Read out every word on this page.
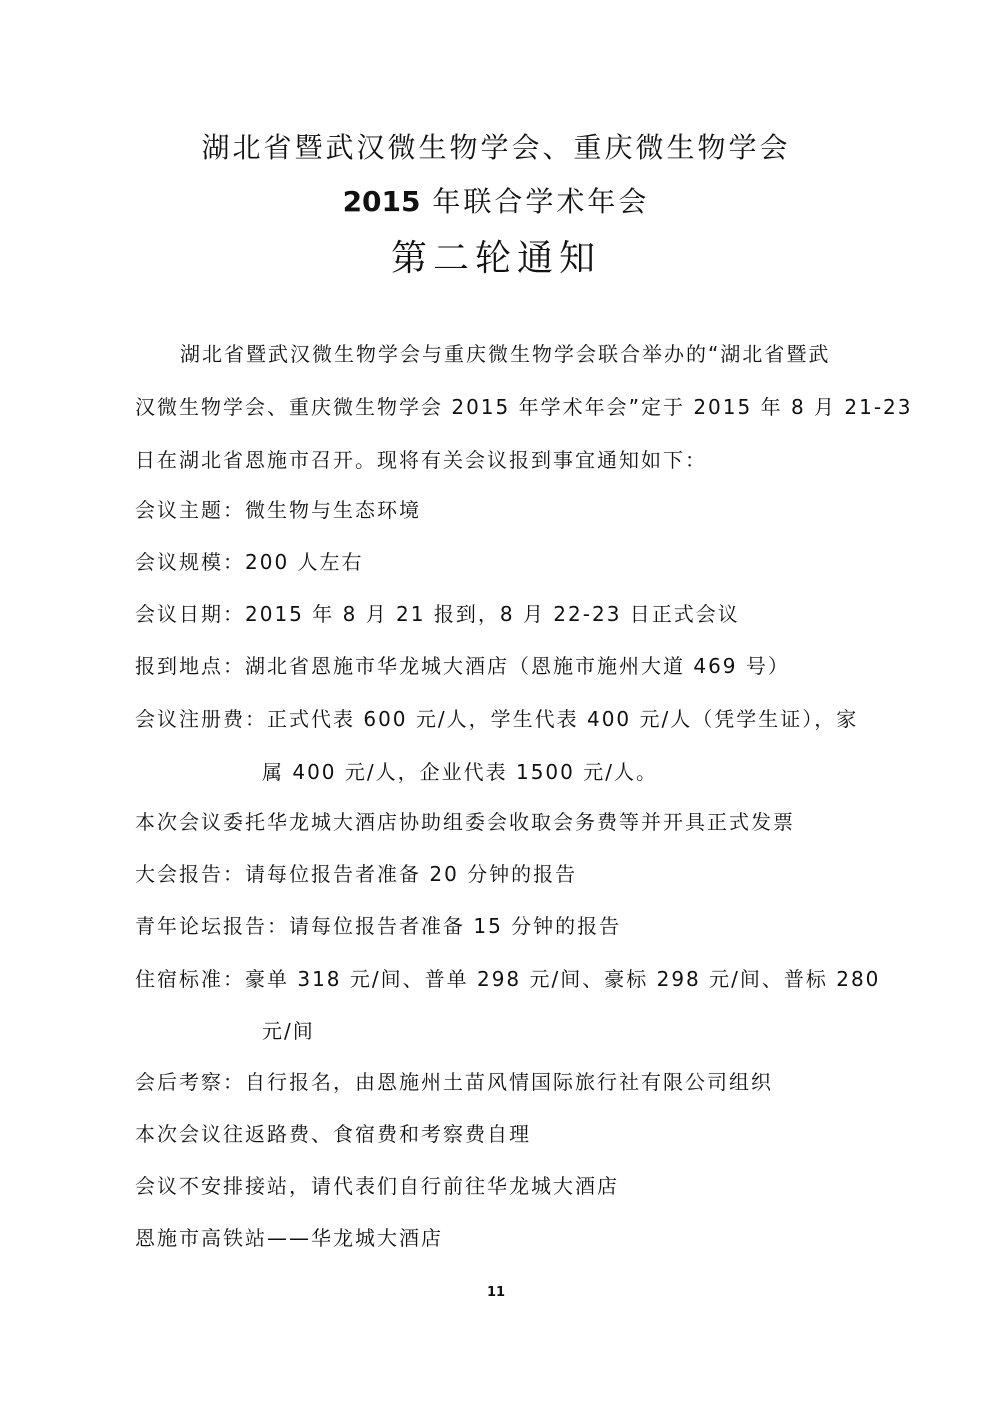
湖北省暨武汉微生物学会、重庆微生物学会
2015 年联合学术年会
第二轮通知
湖北省暨武汉微生物学会与重庆微生物学会联合举办的“湖北省暨武
汉微生物学会、重庆微生物学会 2015 年学术年会”定于 2015 年 8 月 21-23
日在湖北省恩施市召开。现将有关会议报到事宜通知如下：
会议主题：微生物与生态环境
会议规模：200 人左右
会议日期：2015 年 8 月 21 报到，8 月 22-23 日正式会议
报到地点：湖北省恩施市华龙城大酒店（恩施市施州大道 469 号）
会议注册费：正式代表 600 元/人，学生代表 400 元/人（凭学生证），家
属 400 元/人，企业代表 1500 元/人。
本次会议委托华龙城大酒店协助组委会收取会务费等并开具正式发票
大会报告：请每位报告者准备 20 分钟的报告
青年论坛报告：请每位报告者准备 15 分钟的报告
住宿标准：豪单 318 元/间、普单 298 元/间、豪标 298 元/间、普标 280
元/间
会后考察：自行报名，由恩施州土苗风情国际旅行社有限公司组织
本次会议往返路费、食宿费和考察费自理
会议不安排接站，请代表们自行前往华龙城大酒店
恩施市高铁站——华龙城大酒店
11
